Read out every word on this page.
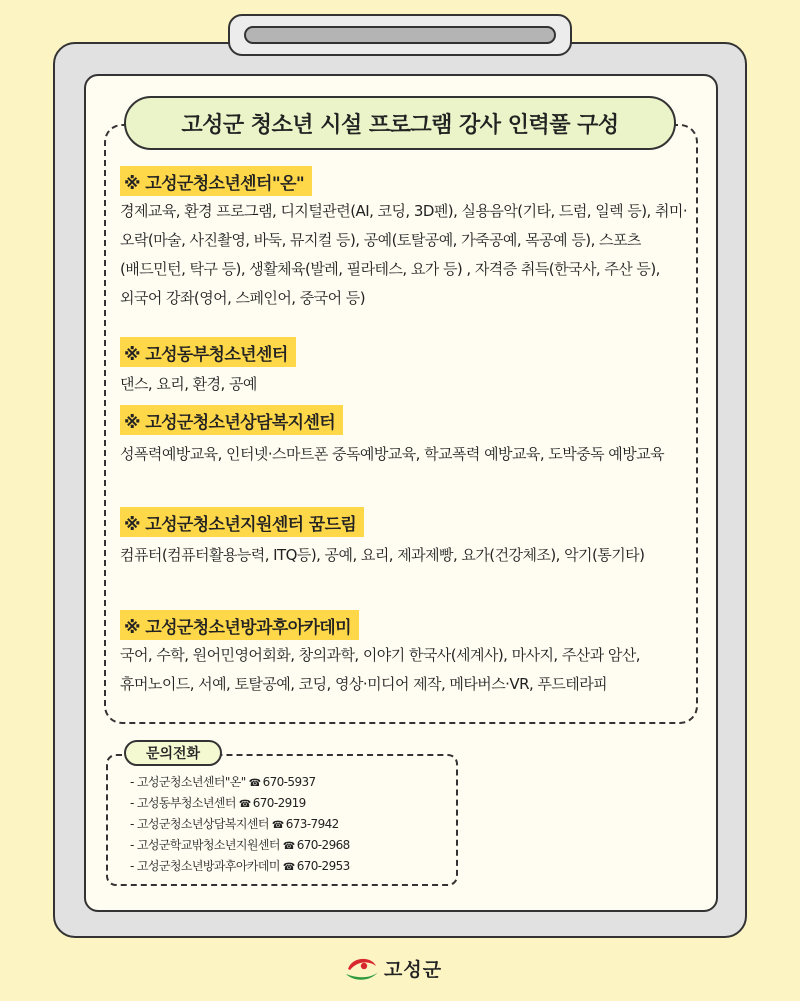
고성군 청소년 시설 프로그램 강사 인력풀 구성
※ 고성군청소년센터"온"
경제교육, 환경 프로그램, 디지털관련(AI, 코딩, 3D펜), 실용음악(기타, 드럼, 일렉 등), 취미·오락(마술, 사진촬영, 바둑, 뮤지컬 등), 공예(토탈공예, 가죽공예, 목공예 등), 스포츠(배드민턴, 탁구 등), 생활체육(발레, 필라테스, 요가 등) , 자격증 취득(한국사, 주산 등), 외국어 강좌(영어, 스페인어, 중국어 등)
※ 고성동부청소년센터
댄스, 요리, 환경, 공예
※ 고성군청소년상담복지센터
성폭력예방교육, 인터넷·스마트폰 중독예방교육, 학교폭력 예방교육, 도박중독 예방교육
※ 고성군청소년지원센터 꿈드림
컴퓨터(컴퓨터활용능력, ITQ등), 공예, 요리, 제과제빵, 요가(건강체조), 악기(통기타)
※ 고성군청소년방과후아카데미
국어, 수학, 원어민영어회화, 창의과학, 이야기 한국사(세계사), 마사지, 주산과 암산, 휴머노이드, 서예, 토탈공예, 코딩, 영상·미디어 제작, 메타버스·VR, 푸드테라피
문의전화
- 고성군청소년센터"온" ☎ 670-5937
- 고성동부청소년센터 ☎ 670-2919
- 고성군청소년상담복지센터 ☎ 673-7942
- 고성군학교밖청소년지원센터 ☎ 670-2968
- 고성군청소년방과후아카데미 ☎ 670-2953
고성군
